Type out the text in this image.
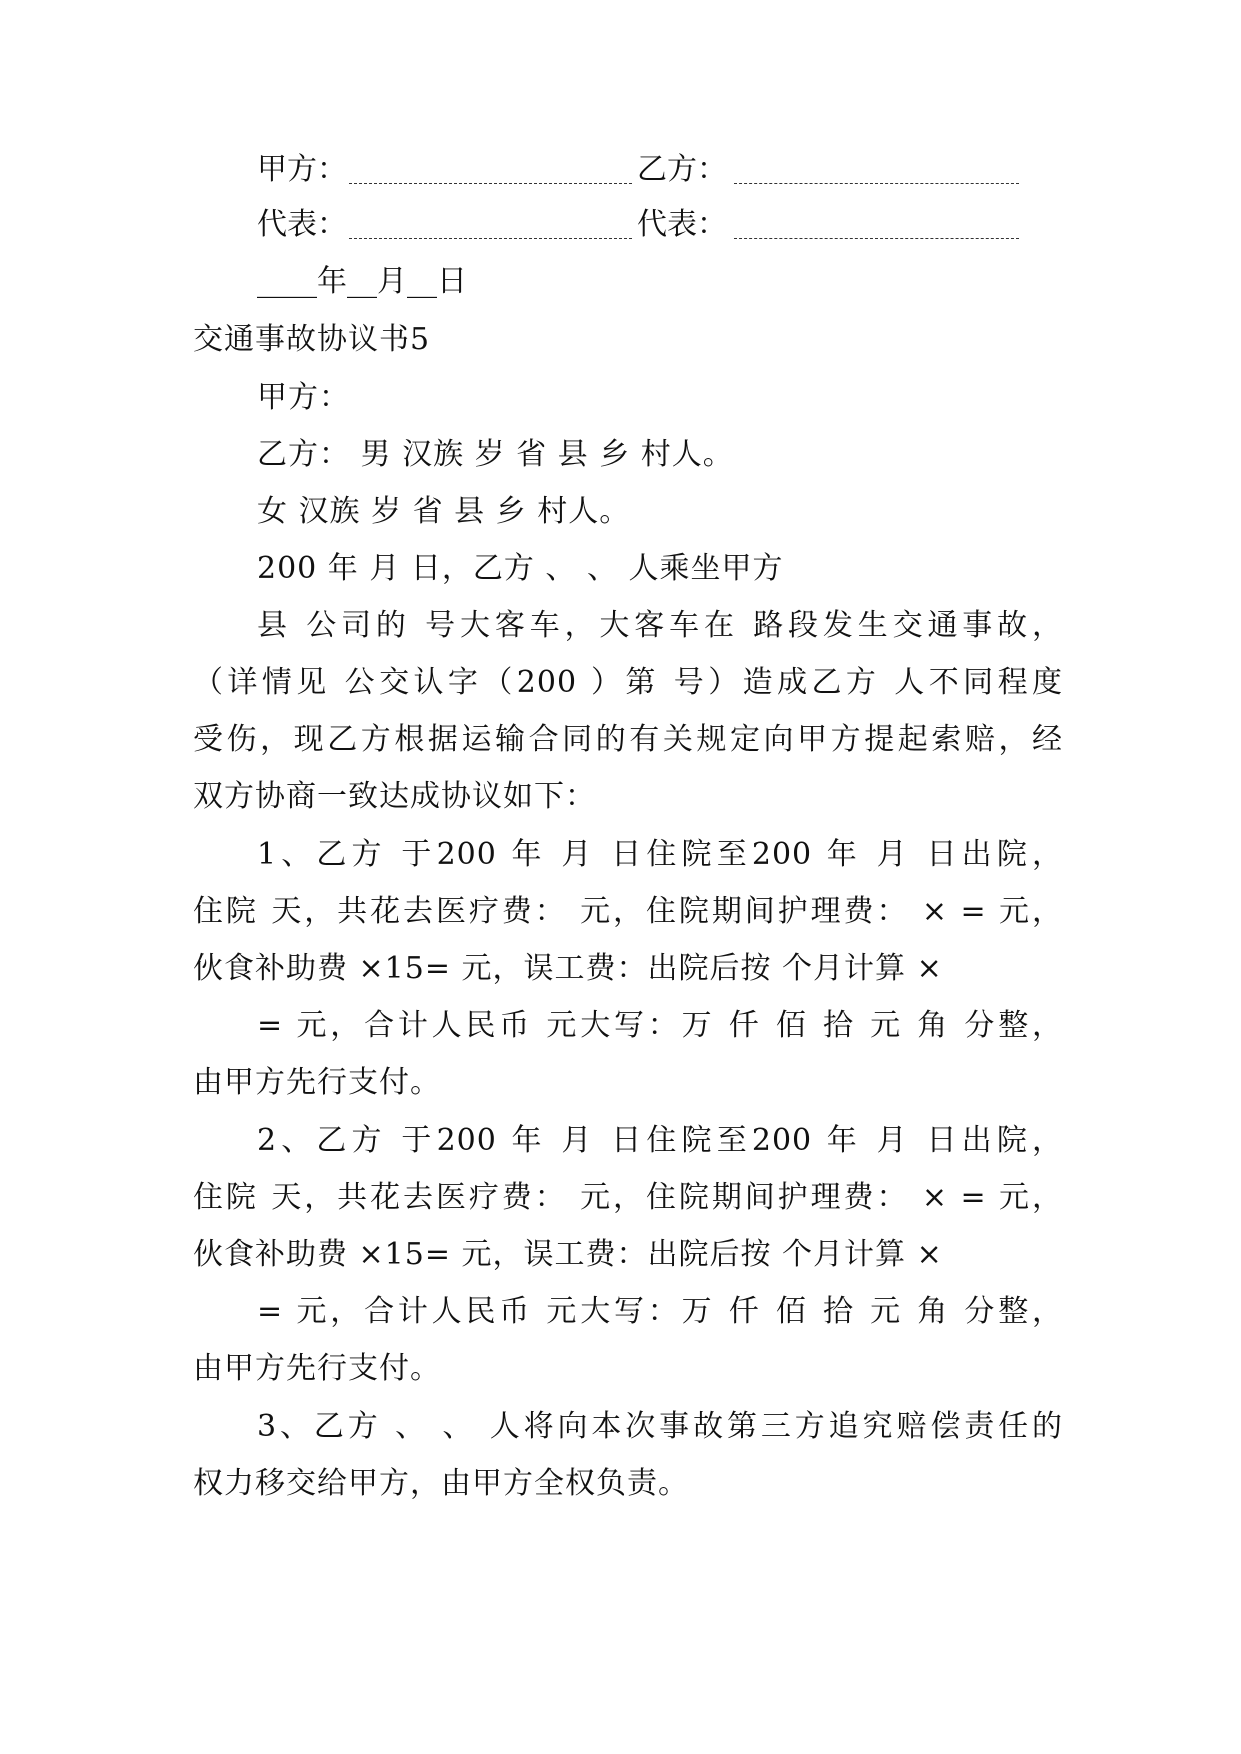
甲方：

	乙方：

代表：

	代表：

____年__月__日
交通事故协议书5
甲方：
乙方： 男 汉族 岁 省 县 乡 村人。
女 汉族 岁 省 县 乡 村人。
200 年 月 日，乙方 、 、 人乘坐甲方
县 公司的 号大客车，大客车在 路段发生交通事故，
（详情见 公交认字（200 ）第 号）造成乙方 人不同程度
受伤，现乙方根据运输合同的有关规定向甲方提起索赔，经
双方协商一致达成协议如下：
1、乙方 于200 年 月 日住院至200 年 月 日出院，
住院 天，共花去医疗费： 元，住院期间护理费： × = 元，
伙食补助费 ×15= 元，误工费：出院后按 个月计算 ×
= 元，合计人民币 元大写：万 仟 佰 拾 元 角 分整，
由甲方先行支付。
2、乙方 于200 年 月 日住院至200 年 月 日出院，
住院 天，共花去医疗费： 元，住院期间护理费： × = 元，
伙食补助费 ×15= 元，误工费：出院后按 个月计算 ×
= 元，合计人民币 元大写：万 仟 佰 拾 元 角 分整，
由甲方先行支付。
3、乙方 、 、 人将向本次事故第三方追究赔偿责任的
权力移交给甲方，由甲方全权负责。
